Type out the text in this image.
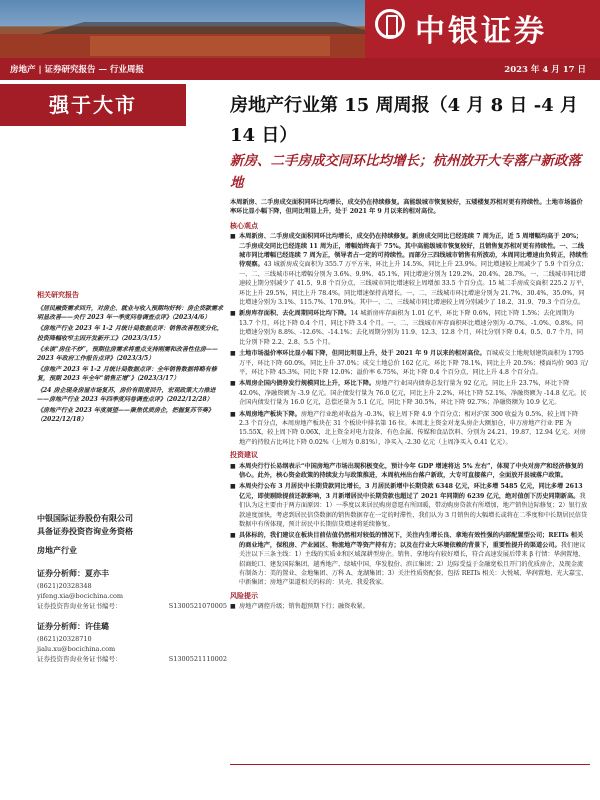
中银证券
房地产 | 证券研究报告 — 行业周报	2023 年 4 月 17 日
强于大市	房地产行业第 15 周周报（4 月 8 日 -4 月 14 日）
新房、二手房成交同环比均增长；杭州放开大专落户新政落地
相关研究报告
《居民融资需求回升，对房企、就业与收入预期均好转：房企贷款需求明显改善——央行 2023 年一季度问卷调查点评》（2023/4/6）
《房地产行业 2023 年 1-2 月统计局数据点评：销售改善程度分化，投资降幅收窄主因开发新开工》（2023/3/15）
《未谈“房住不炒”，预期住房需求将重点支持刚需和改善性住房——2023 年政府工作报告点评》（2023/3/5）
《房地产 2023 年 1-2 月统计局数据点评：全年销售数据将略有修复，预期 2023 年全年“销售正增”》（2023/3/17）
《24 房企现身房屋市场复苏，房价有限度回升，宏观政策大力推进——房地产行业 2023 年四季度问卷调查点评》（2022/12/28）
《房地产行业 2023 年度展望——聚焦优质房企，把握复苏节奏》（2022/12/18）
中银国际证券股份有限公司
具备证券投资咨询业务资格
房地产行业
证券分析师：夏亦丰
(8621)20328348
yifeng.xia@bocichina.com
证券投资咨询业务证书编号：	S1300521070005
证券分析师：许佳璐
(8621)20328710
jialu.xu@bocichina.com
证券投资咨询业务证书编号：	S1300521110002
本周新房、二手房成交面积同环比均增长，成交仍在持续修复。高能级城市恢复较好，五矮楼复苏相对更有持续性。土地市场溢价率环比显小幅下降，但同比明显上升，处于 2021 年 9 月以来的相对高位。
核心观点
■ 本周新房、二手房成交面积同环比均增长，成交仍在持续修复。新房成交同比已经连续 7 周为正，近 5 周增幅均高于 20%；二手房成交同比已经连续 11 周为正，增幅始终高于 75%。其中高能级城市恢复较好，且销售复苏相对更有持续性。一、二线城市同比增幅已经连续 7 周为正，领导者占一定的可持续性。而部分三四线城市销售有所波动，本周同比增速由负转正，持续性待观察。43 城新房成交面积为 355.7 万平方米，环比上升 14.5%，同比上升 23.9%。同比增速较上周减少了 5.9 个百分点；一、二、三线城市环比增幅分别为 3.6%、9.9%、45.1%，同比增速分别为 129.2%、20.4%、28.7%。一、二线城市同比增速较上期分别减少了 41.5、9.8 个百分点，三线城市同比增速较上周增加 33.5 个百分点。15 城二手房成交面积 225.2 万平，环比上升 29.5%，同比上升 78.4%。同比增速保持高增长。一、二、三线城市环比增速分别为 21.7%、30.4%、35.0%，同比增速分别为 3.1%、115.7%、170.9%。其中一、二、三线城市同比增速较上周分别减少了 18.2、31.9、79.3 个百分点。
■ 新房库存面积、去化周期同环比均下降。14 城新房库存面积为 1.01 亿平，环比下降 0.6%，同比下降 1.5%；去化周期为 13.7 个月，环比下降 0.4 个月，同比下降 3.4 个月。一、二、三线城市库存面积环比增速分别为 -0.7%、-1.0%、0.8%。同比增速分别为 8.8%、-12.6%、-14.1%；去化周期分别为 11.9、12.3、12.8 个月，环比分别下降 0.4、0.5、0.7 个月，同比分别下降 2.2、2.8、5.5 个月。
■ 土地市场溢价率环比显小幅下降，但同比明显上升，处于 2021 年 9 月以来的相对高位。百城成交土地规划建筑面积为 1795 万平，环比下降 60.0%，同比上升 37.0%；成交土地总价 162 亿元，环比下降 78.1%，同比上升 20.5%；楼面均价 903 元/平，环比下降 45.3%，同比下降 12.0%；溢价率 6.75%，环比下降 0.4 个百分点，同比上升 4.8 个百分点。
■ 本周房企国内债券发行规模同比上升，环比下降。房地产行业国内债券总发行量为 92 亿元，同比上升 23.7%，环比下降 42.0%，净融资额为 -3.9 亿元。国企债发行量为 76.0 亿元，同比上升 2.2%，环比下降 52.1%，净融资额为 -14.8 亿元。民企国内债发行量为 16.0 亿元，总偿还量为 5.1 亿元，同比下降 30.5%，环比下降 92.7%；净融资额为 10.9 亿元。
■ 本周房地产板块下降。房地产行业绝对收益为 -0.3%，较上周下降 4.9 个百分点；相对沪深 300 收益为 0.5%，较上周下降 2.3 个百分点，本周房地产板块在 31 个板块中排名第 16 位。本周北上资金对龙头房企大额加仓，申万房地产行业 PE 为 15.55X，较上周下降 0.06X，北上资金对电力设备、有色金属、传媒和食品饮料、分别为 24.21、19.87、12.94 亿元。对房地产的持股占比环比下降 0.02%（上周为 0.81%），净买入 -2.30 亿元（上周净买入 0.41 亿元）。
投资建议
■ 本周央行行长易纲表示“中国房地产市场出现积极变化，预计今年 GDP 增速将达 5% 左右”，体现了中央对房产和经济修复的信心。此外，核心资金政策的持续发力与政策推进，本周杭州出台落户新政，大专可直接落户，全面放开县城落户政策。
■ 本周央行公布 3 月居民中长期贷款同比增长，3 月居民新增中长期贷款 6348 亿元，环比多增 5485 亿元，同比多增 2613 亿元，即使剔除提前还款影响，3 月新增居民中长期贷款也超过了 2021 年同期的 6239 亿元，绝对值创下历史同期新高。我们认为这主要由于两方面原因：1）一季度以来居民购房意愿有所回暖，带动购房贷款有所增加，地产销售边际修复；2）银行放款速度加快，考虑到居民信贷数据的销售数据存在一定的时滞性，我们认为 3 月销售的大幅增长或将在二季度和中长期居民信贷数据中有所体现，预计居民中长期信贷增速将延续修复。
■ 具体标的，我们建议在板块目前估值仍然相对较低的情况下，关注内生增长良、拿地有效性强的内部配置型公司；REITs 相关的商业地产，保租房、产业园区、物流地产等资产持有方；以及在行业大环境依赖的背景下，重要性提升的渠道公司。我们建议关注以下三条主线：1）主线的实质业和区域深耕型房企。销售、拿地均有较好增长，符合高速发展后带来 β 行情：华润置地、招商蛇口、建发国际集团、越秀地产、绿城中国、华发股份、滨江集团；2）边际受益于金融宽松且开门的优质房企，及现金流有制备力：美的置业、金地集团、万科 A、龙湖集团；3）关注性质资配套，包括 REITs 相关：大悦城、华润置地、光大嘉宝、中新集团；房地产渠道相关的标的：贝壳、我爱我家。
风险提示
■ 房地产调控升级；销售超预期下行；融资收紧。
